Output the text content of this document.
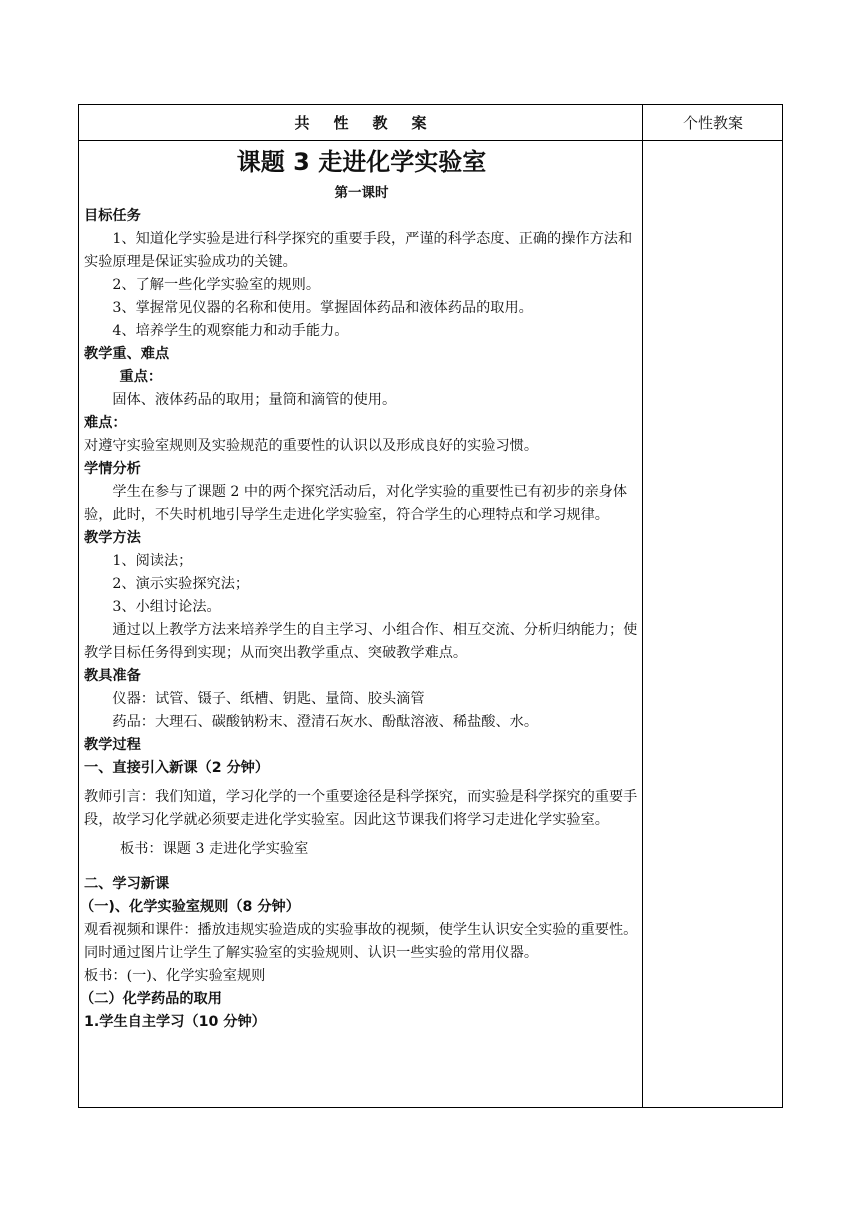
共性教案	个性教案

课题 3 走进化学实验室

第一课时

目标任务

1、知道化学实验是进行科学探究的重要手段，严谨的科学态度、正确的操作方法和实验原理是保证实验成功的关键。

2、了解一些化学实验室的规则。

3、掌握常见仪器的名称和使用。掌握固体药品和液体药品的取用。

4、培养学生的观察能力和动手能力。

教学重、难点

重点：

固体、液体药品的取用；量筒和滴管的使用。

难点：

对遵守实验室规则及实验规范的重要性的认识以及形成良好的实验习惯。

学情分析

学生在参与了课题 2 中的两个探究活动后，对化学实验的重要性已有初步的亲身体验，此时，不失时机地引导学生走进化学实验室，符合学生的心理特点和学习规律。

教学方法

1、阅读法；

2、演示实验探究法；

3、小组讨论法。

通过以上教学方法来培养学生的自主学习、小组合作、相互交流、分析归纳能力；使教学目标任务得到实现；从而突出教学重点、突破教学难点。

教具准备

仪器：试管、镊子、纸槽、钥匙、量筒、胶头滴管

药品：大理石、碳酸钠粉末、澄清石灰水、酚酞溶液、稀盐酸、水。

教学过程

一、直接引入新课（2 分钟）

教师引言：我们知道，学习化学的一个重要途径是科学探究，而实验是科学探究的重要手段，故学习化学就必须要走进化学实验室。因此这节课我们将学习走进化学实验室。

板书：课题 3 走进化学实验室

二、学习新课

（一)、化学实验室规则（8 分钟）

观看视频和课件：播放违规实验造成的实验事故的视频，使学生认识安全实验的重要性。同时通过图片让学生了解实验室的实验规则、认识一些实验的常用仪器。

板书：(一)、化学实验室规则

（二）化学药品的取用

1.学生自主学习（10 分钟）
